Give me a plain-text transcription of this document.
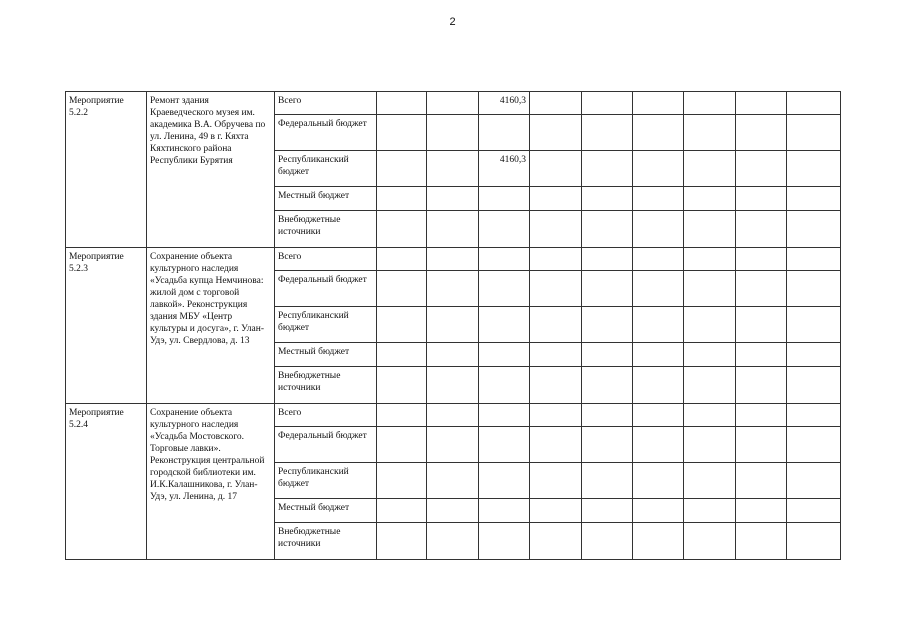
2
Мероприятие 5.2.2	Ремонт здания Краеведческого музея им. академика В.А. Обручева по ул. Ленина, 49 в г. Кяхта Кяхтинского района Республики Бурятия	Всего			4160,3						
		Федеральный бюджет									
		Республиканский бюджет			4160,3						
		Местный бюджет									
		Внебюджетные источники									
Мероприятие 5.2.3	Сохранение объекта культурного наследия «Усадьба купца Немчинова: жилой дом с торговой лавкой». Реконструкция здания МБУ «Центр культуры и досуга», г. Улан-Удэ, ул. Свердлова, д. 13	Всего									
		Федеральный бюджет									
		Республиканский бюджет									
		Местный бюджет									
		Внебюджетные источники									
Мероприятие 5.2.4	Сохранение объекта культурного наследия «Усадьба Мостовского. Торговые лавки». Реконструкция центральной городской библиотеки им. И.К.Калашникова, г. Улан-Удэ, ул. Ленина, д. 17	Всего									
		Федеральный бюджет									
		Республиканский бюджет									
		Местный бюджет									
		Внебюджетные источники									
